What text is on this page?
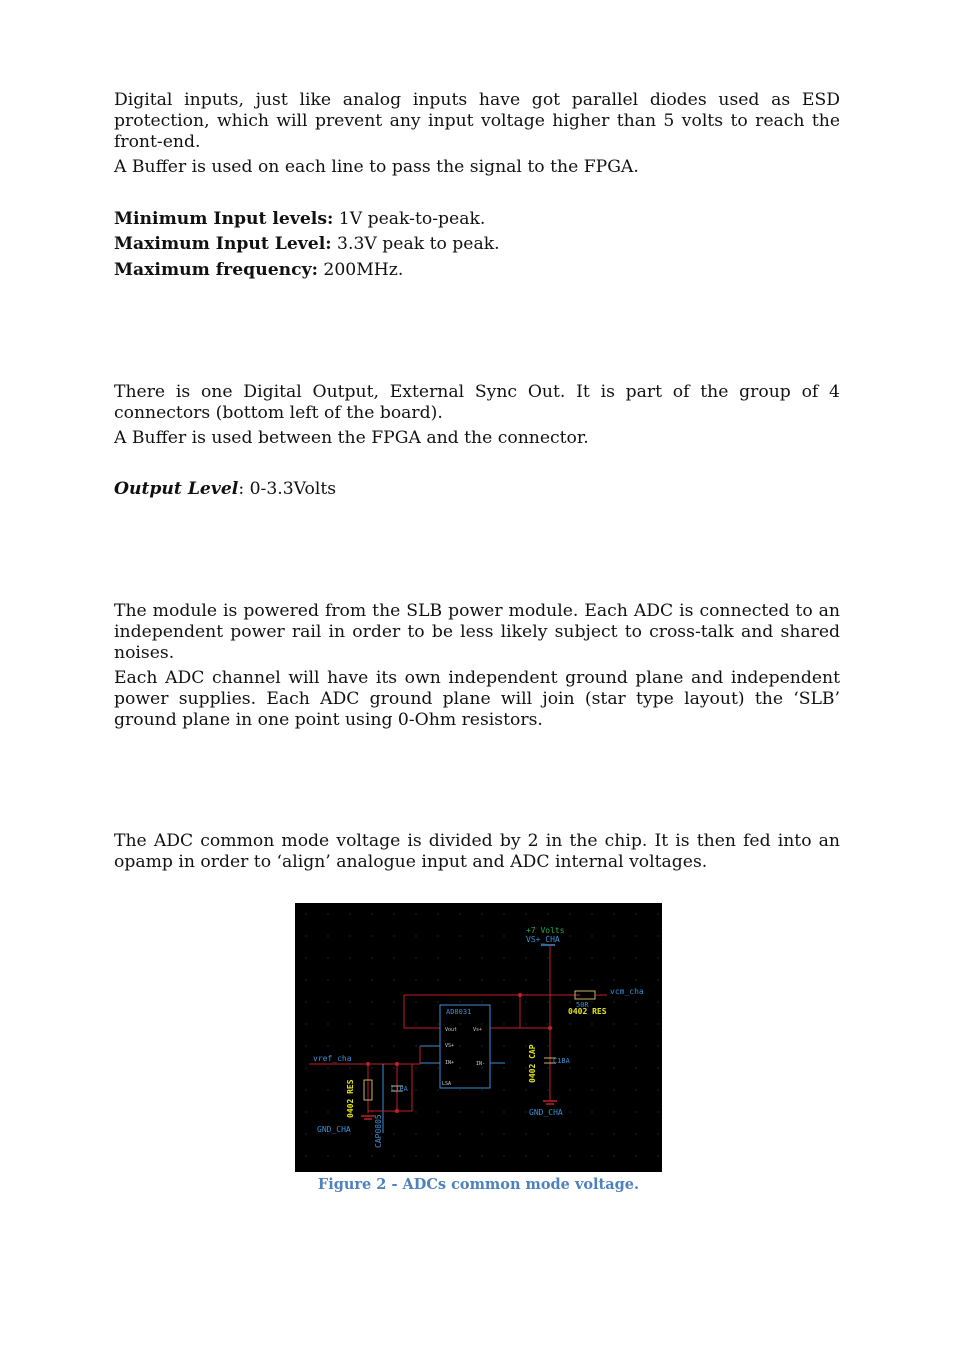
Digital inputs, just like analog inputs have got parallel diodes used as ESD protection, which will prevent any input voltage higher than 5 volts to reach the front-end.

A Buffer is used on each line to pass the signal to the FPGA.

Minimum Input levels: 1V peak-to-peak.

Maximum Input Level: 3.3V peak to peak.

Maximum frequency: 200MHz.

There is one Digital Output, External Sync Out. It is part of the group of 4 connectors (bottom left of the board).

A Buffer is used between the FPGA and the connector.

Output Level: 0-3.3Volts

The module is powered from the SLB power module. Each ADC is connected to an independent power rail in order to be less likely subject to cross-talk and shared noises.

Each ADC channel will have its own independent ground plane and independent power supplies. Each ADC ground plane will join (star type layout) the ‘SLB’ ground plane in one point using 0-Ohm resistors.

The ADC common mode voltage is divided by 2 in the chip. It is then fed into an opamp in order to ‘align’ analogue input and ADC internal voltages.

+7 Volts
VS+_CHA
vcm_cha
50R
0402 RES
AD8031
Vout	Vs+
VS+
IN+	IN-
LSA
vref_cha
0402 RES
CAP0805
C1PA
GND_CHA
C1BA
0402 CAP
GND_CHA

Figure 2 - ADCs common mode voltage.
